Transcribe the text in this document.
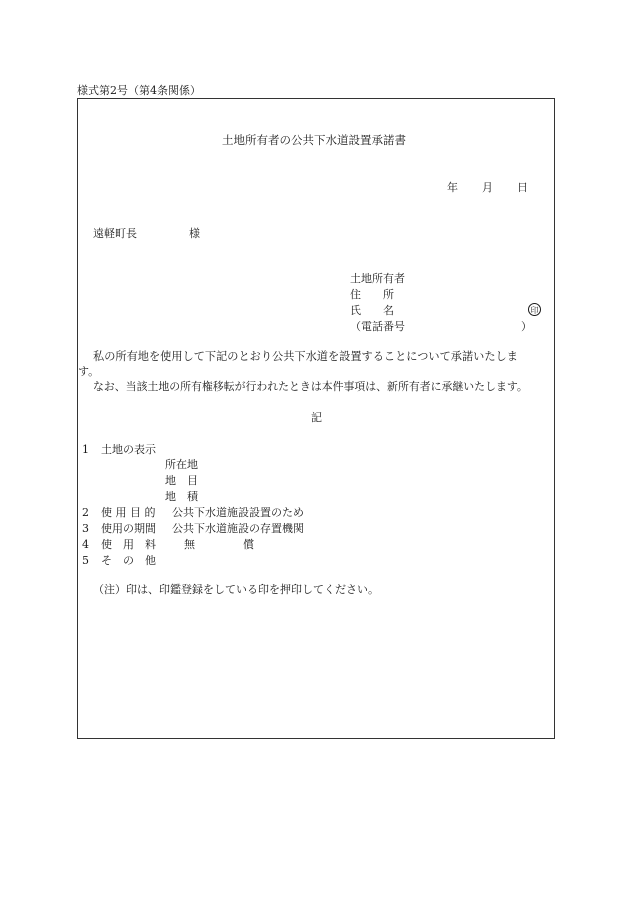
様式第2号（第4条関係）
土地所有者の公共下水道設置承諾書
年 月 日
遠軽町長	様
土地所有者
住　　所
氏　　名	印
（電話番号	）
私の所有地を使用して下記のとおり公共下水道を設置することについて承諾いたしま
す。
なお、当該土地の所有権移転が行われたときは本件事項は、新所有者に承継いたします。
記
1 土地の表示
所在地
地　目
地　積
2 使 用 目 的 公共下水道施設設置のため
3 使用の期間 公共下水道施設の存置機関
4 使　用　料	無	償
5 そ　の　他
（注）印は、印鑑登録をしている印を押印してください。
